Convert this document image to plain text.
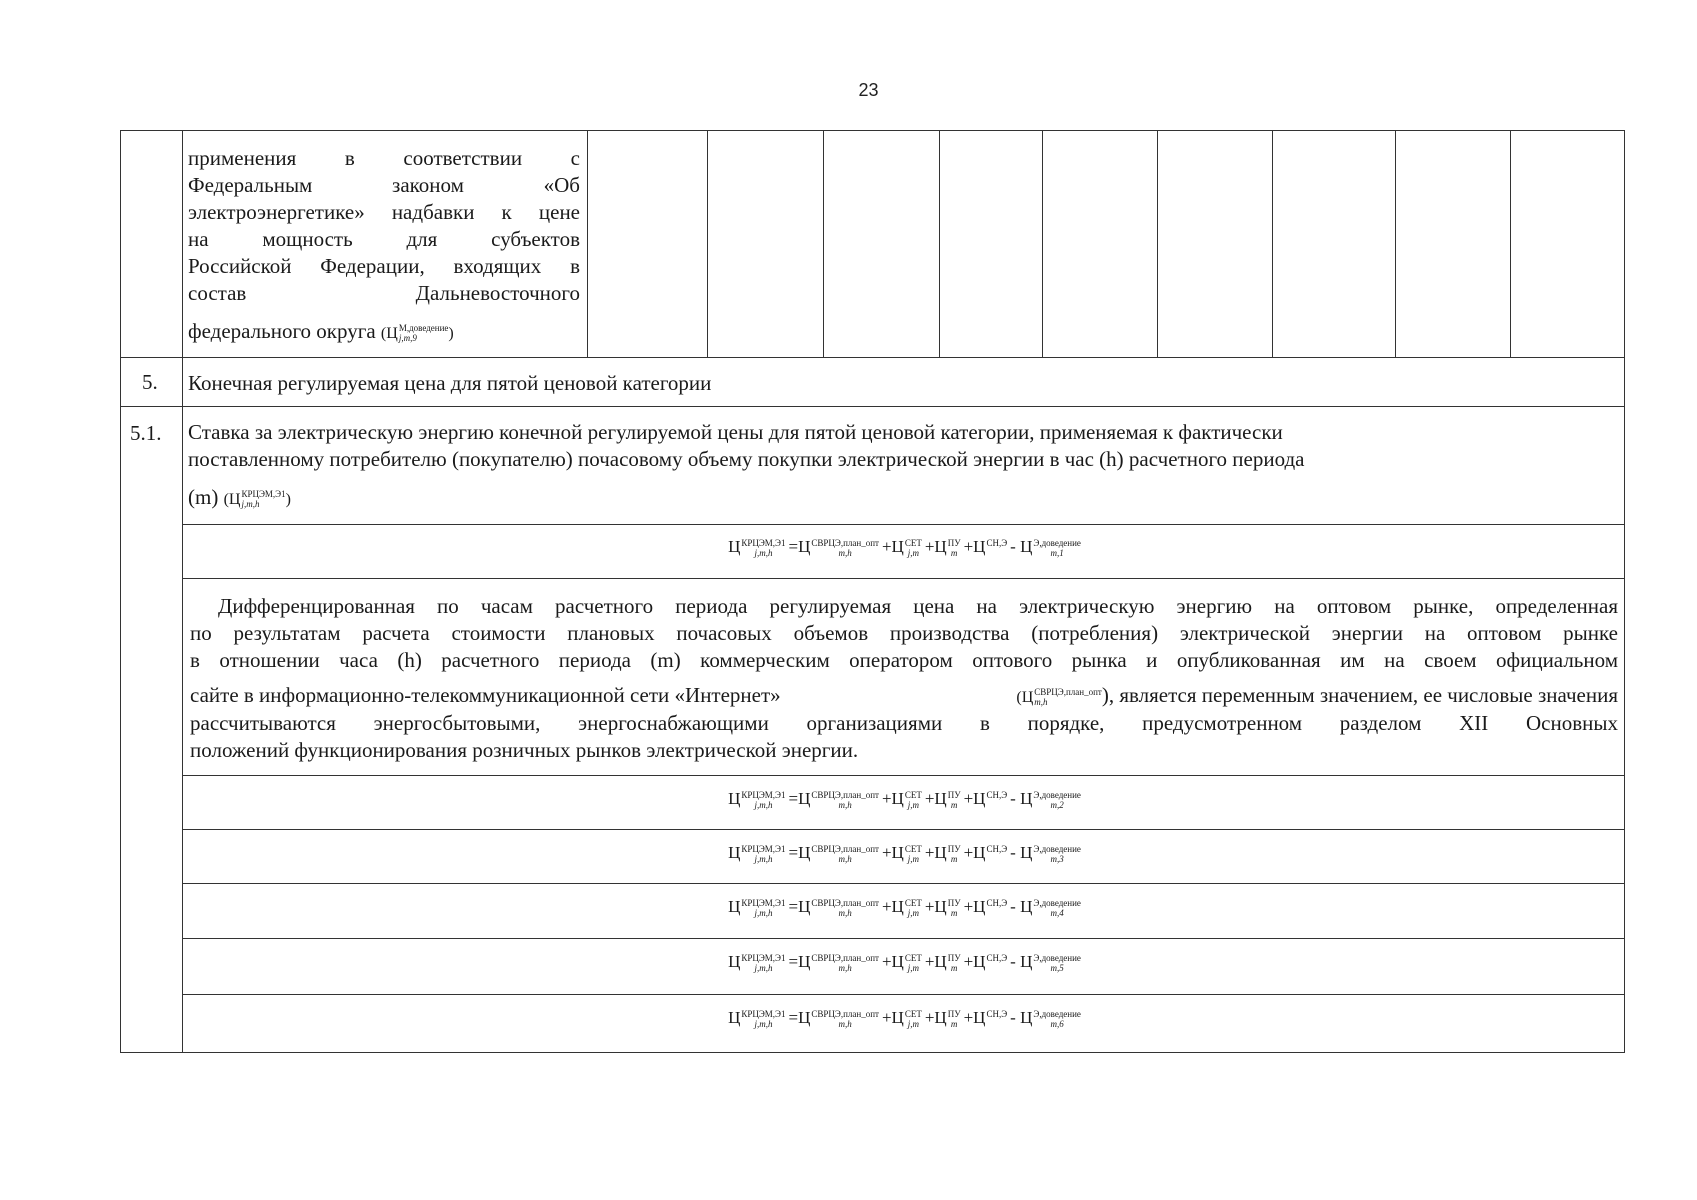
23
применения в соответствии с
Федеральным законом «Об
электроэнергетике» надбавки к цене
на мощность для субъектов
Российской Федерации, входящих в
состав Дальневосточного
федерального округа (Ц М,доведение
j,m,9	)
5. Конечная регулируемая цена для пятой ценовой категории
5.1. Ставка за электрическую энергию конечной регулируемой цены для пятой ценовой категории, применяемая к фактически
поставленному потребителю (покупателю) почасовому объему покупки электрической энергии в час (h) расчетного периода
(m) (Ц КРЦЭМ,Э1
j,m,h	)
Дифференцированная по часам расчетного периода регулируемая цена на электрическую энергию на оптовом рынке, определенная
по результатам расчета стоимости плановых почасовых объемов производства (потребления) электрической энергии на оптовом рынке
в отношении часа (h) расчетного периода (m) коммерческим оператором оптового рынка и опубликованная им на своем официальном
сайте в информационно-телекоммуникационной сети «Интернет»	(Ц СВРЦЭ,план_опт
m,h	), является переменным значением, ее числовые значения
рассчитываются энергосбытовыми, энергоснабжающими организациями в порядке, предусмотренном разделом XII Основных
положений функционирования розничных рынков электрической энергии.
Ц КРЦЭМ,Э1
j,m,h =Ц СВРЦЭ,план_опт
m,h	+Ц СЕТ
j,m +Ц ПУ
m +Ц СН,Э
- Ц Э,доведение
m,1
Ц КРЦЭМ,Э1
j,m,h =Ц СВРЦЭ,план_опт
m,h	+Ц СЕТ
j,m +Ц ПУ
m +Ц СН,Э
- Ц Э,доведение
m,2
Ц КРЦЭМ,Э1
j,m,h =Ц СВРЦЭ,план_опт
m,h	+Ц СЕТ
j,m +Ц ПУ
m +Ц СН,Э
- Ц Э,доведение
m,3
Ц КРЦЭМ,Э1
j,m,h =Ц СВРЦЭ,план_опт
m,h	+Ц СЕТ
j,m +Ц ПУ
m +Ц СН,Э
- Ц Э,доведение
m,4
Ц КРЦЭМ,Э1
j,m,h =Ц СВРЦЭ,план_опт
m,h	+Ц СЕТ
j,m +Ц ПУ
m +Ц СН,Э
- Ц Э,доведение
m,5
Ц КРЦЭМ,Э1
j,m,h =Ц СВРЦЭ,план_опт
m,h	+Ц СЕТ
j,m +Ц ПУ
m +Ц СН,Э
- Ц Э,доведение
m,6
